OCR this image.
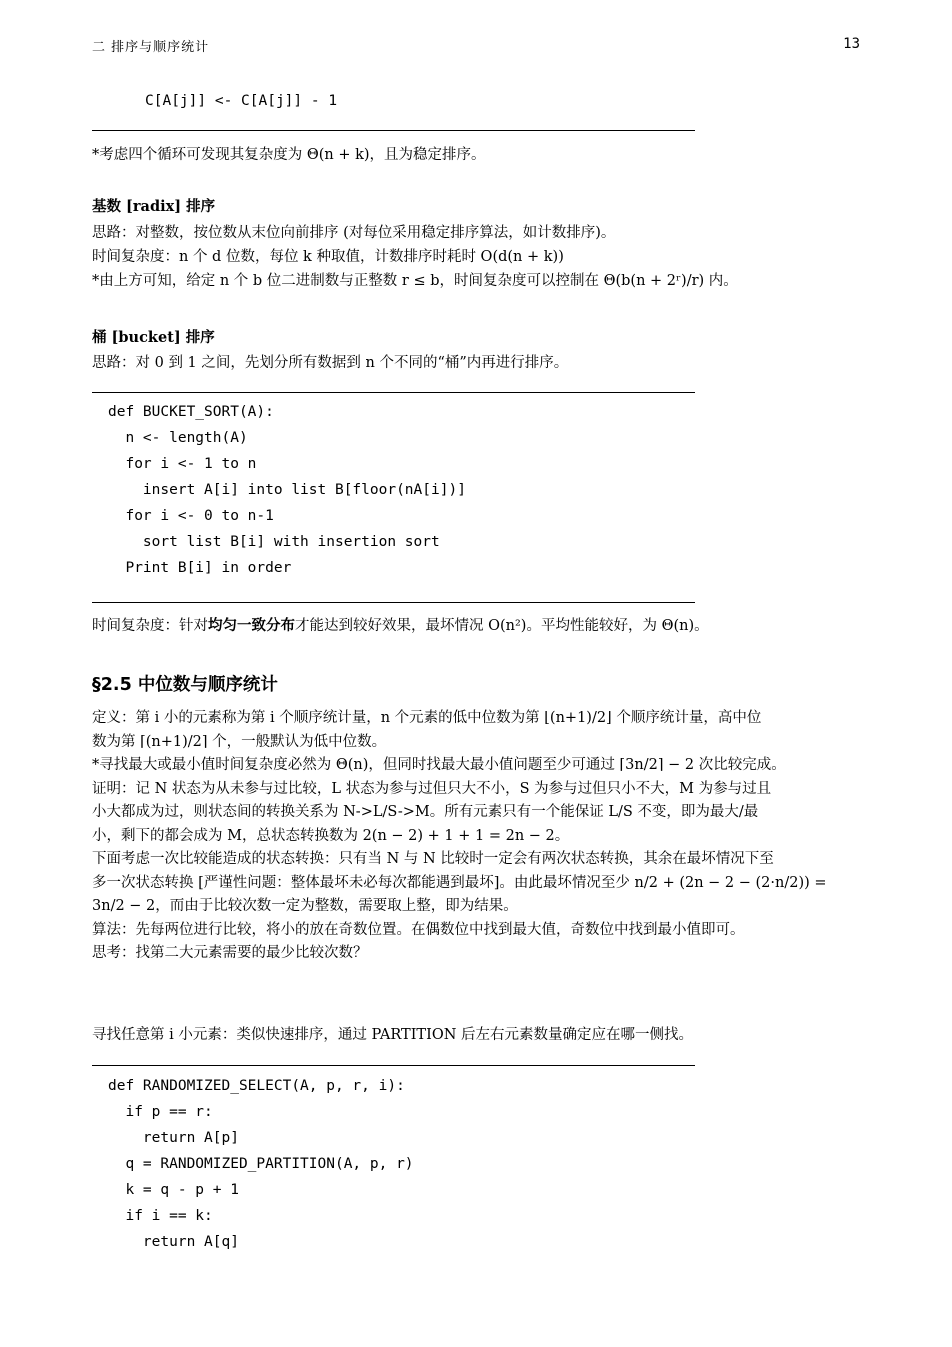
二 排序与顺序统计	13
C[A[j]] <- C[A[j]] - 1
*考虑四个循环可发现其复杂度为 Θ(n + k)，且为稳定排序。
基数 [radix] 排序
思路：对整数，按位数从末位向前排序 (对每位采用稳定排序算法，如计数排序)。
时间复杂度：n 个 d 位数，每位 k 种取值，计数排序时耗时 O(d(n + k))
*由上方可知，给定 n 个 b 位二进制数与正整数 r ≤ b，时间复杂度可以控制在 Θ(b(n + 2ʳ)/r) 内。
桶 [bucket] 排序
思路：对 0 到 1 之间，先划分所有数据到 n 个不同的“桶”内再进行排序。
def BUCKET_SORT(A):
n <- length(A)
for i <- 1 to n
insert A[i] into list B[floor(nA[i])]
for i <- 0 to n-1
sort list B[i] with insertion sort
Print B[i] in order
时间复杂度：针对均匀一致分布才能达到较好效果，最坏情况 O(n²)。平均性能较好，为 Θ(n)。
§2.5 中位数与顺序统计

定义：第 i 小的元素称为第 i 个顺序统计量，n 个元素的低中位数为第 ⌊(n+1)/2⌋ 个顺序统计量，高中位

数为第 ⌈(n+1)/2⌉ 个，一般默认为低中位数。

*寻找最大或最小值时间复杂度必然为 Θ(n)，但同时找最大最小值问题至少可通过 ⌈3n/2⌉ − 2 次比较完成。

证明：记 N 状态为从未参与过比较，L 状态为参与过但只大不小，S 为参与过但只小不大，M 为参与过且

小大都成为过，则状态间的转换关系为 N->L/S->M。所有元素只有一个能保证 L/S 不变，即为最大/最

小，剩下的都会成为 M，总状态转换数为 2(n − 2) + 1 + 1 = 2n − 2。

下面考虑一次比较能造成的状态转换：只有当 N 与 N 比较时一定会有两次状态转换，其余在最坏情况下至

多一次状态转换 [严谨性问题：整体最坏未必每次都能遇到最坏]。由此最坏情况至少 n/2 + (2n − 2 − (2·n/2)) =

3n/2 − 2，而由于比较次数一定为整数，需要取上整，即为结果。

算法：先每两位进行比较，将小的放在奇数位置。在偶数位中找到最大值，奇数位中找到最小值即可。

思考：找第二大元素需要的最少比较次数？

寻找任意第 i 小元素：类似快速排序，通过 PARTITION 后左右元素数量确定应在哪一侧找。
def RANDOMIZED_SELECT(A, p, r, i):
if p == r:
return A[p]
q = RANDOMIZED_PARTITION(A, p, r)
k = q - p + 1
if i == k:
return A[q]
